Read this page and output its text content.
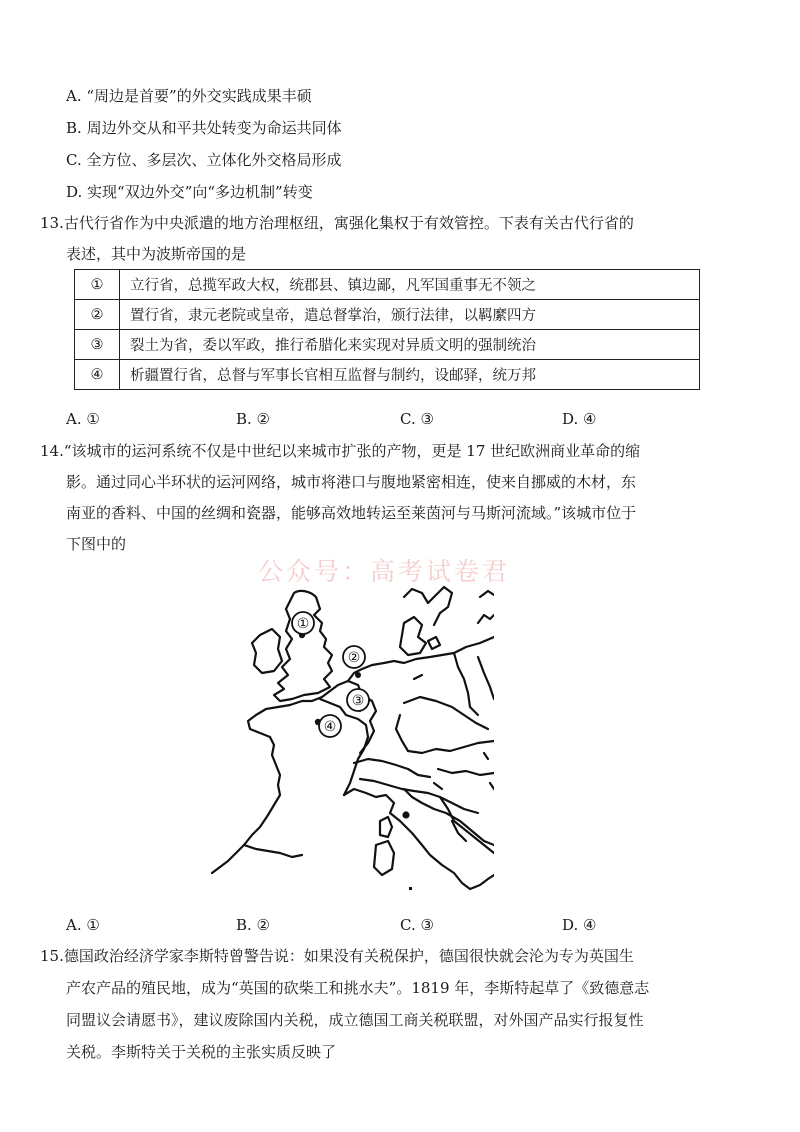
A. “周边是首要”的外交实践成果丰硕
B. 周边外交从和平共处转变为命运共同体
C. 全方位、多层次、立体化外交格局形成
D. 实现“双边外交”向“多边机制”转变
13.古代行省作为中央派遣的地方治理枢纽，寓强化集权于有效管控。下表有关古代行省的
表述，其中为波斯帝国的是
①	立行省，总揽军政大权，统郡县、镇边鄙，凡军国重事无不领之
②	置行省，隶元老院或皇帝，遣总督掌治，颁行法律，以羁縻四方
③	裂土为省，委以军政，推行希腊化来实现对异质文明的强制统治
④	析疆置行省，总督与军事长官相互监督与制约，设邮驿，统万邦
A. ①	B. ②	C. ③	D. ④
14.“该城市的运河系统不仅是中世纪以来城市扩张的产物，更是 17 世纪欧洲商业革命的缩
影。通过同心半环状的运河网络，城市将港口与腹地紧密相连，使来自挪威的木材，东
南亚的香料、中国的丝绸和瓷器，能够高效地转运至莱茵河与马斯河流域。”该城市位于
下图中的
公众号：高考试卷君
①
②
③
④
A. ①	B. ②	C. ③	D. ④
15.德国政治经济学家李斯特曾警告说：如果没有关税保护，德国很快就会沦为专为英国生
产农产品的殖民地，成为“英国的砍柴工和挑水夫”。1819 年，李斯特起草了《致德意志
同盟议会请愿书》，建议废除国内关税，成立德国工商关税联盟，对外国产品实行报复性
关税。李斯特关于关税的主张实质反映了
